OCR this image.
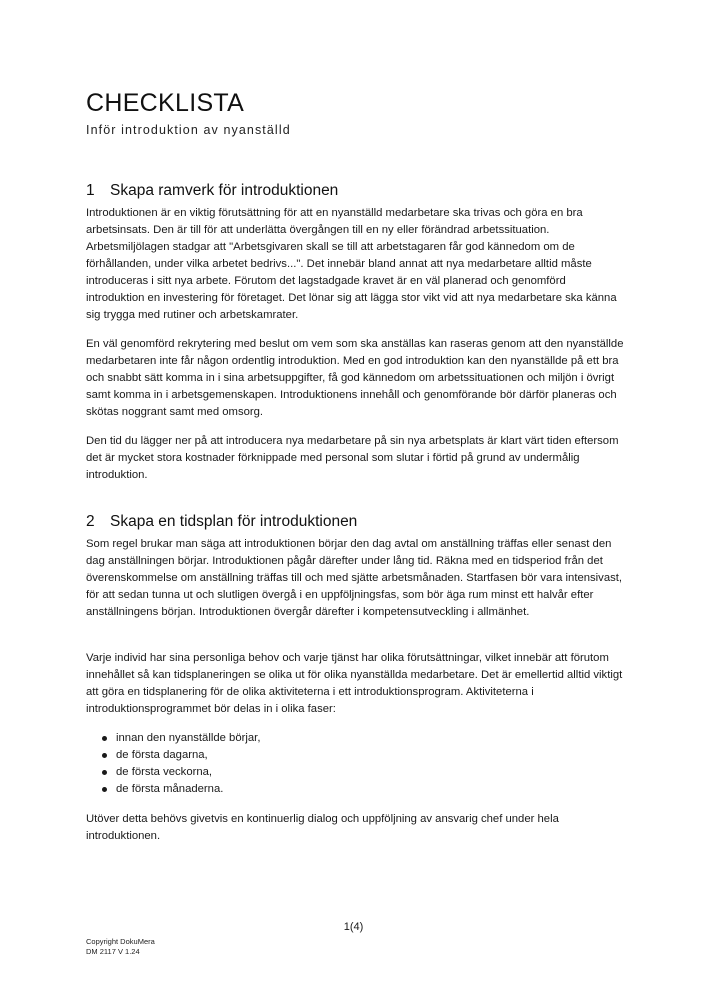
CHECKLISTA

Inför introduktion av nyanställd

1 Skapa ramverk för introduktionen

Introduktionen är en viktig förutsättning för att en nyanställd medarbetare ska trivas och göra en bra arbetsinsats. Den är till för att underlätta övergången till en ny eller förändrad arbetssituation. Arbetsmiljölagen stadgar att "Arbetsgivaren skall se till att arbetstagaren får god kännedom om de förhållanden, under vilka arbetet bedrivs...". Det innebär bland annat att nya medarbetare alltid måste introduceras i sitt nya arbete. Förutom det lagstadgade kravet är en väl planerad och genomförd introduktion en investering för företaget. Det lönar sig att lägga stor vikt vid att nya medarbetare ska känna sig trygga med rutiner och arbetskamrater.

En väl genomförd rekrytering med beslut om vem som ska anställas kan raseras genom att den nyanställde medarbetaren inte får någon ordentlig introduktion. Med en god introduktion kan den nyanställde på ett bra och snabbt sätt komma in i sina arbetsuppgifter, få god kännedom om arbetssituationen och miljön i övrigt samt komma in i arbetsgemenskapen. Introduktionens innehåll och genomförande bör därför planeras och skötas noggrant samt med omsorg.

Den tid du lägger ner på att introducera nya medarbetare på sin nya arbetsplats är klart värt tiden eftersom det är mycket stora kostnader förknippade med personal som slutar i förtid på grund av undermålig introduktion.

2 Skapa en tidsplan för introduktionen

Som regel brukar man säga att introduktionen börjar den dag avtal om anställning träffas eller senast den dag anställningen börjar. Introduktionen pågår därefter under lång tid. Räkna med en tidsperiod från det överenskommelse om anställning träffas till och med sjätte arbetsmånaden. Startfasen bör vara intensivast, för att sedan tunna ut och slutligen övergå i en uppföljningsfas, som bör äga rum minst ett halvår efter anställningens början. Introduktionen övergår därefter i kompetensutveckling i allmänhet.

Varje individ har sina personliga behov och varje tjänst har olika förutsättningar, vilket innebär att förutom innehållet så kan tidsplaneringen se olika ut för olika nyanställda medarbetare. Det är emellertid alltid viktigt att göra en tidsplanering för de olika aktiviteterna i ett introduktionsprogram. Aktiviteterna i introduktionsprogrammet bör delas in i olika faser:

innan den nyanställde börjar,
de första dagarna,
de första veckorna,
de första månaderna.

Utöver detta behövs givetvis en kontinuerlig dialog och uppföljning av ansvarig chef under hela introduktionen.

1(4)
Copyright DokuMera
DM 2117 V 1.24
